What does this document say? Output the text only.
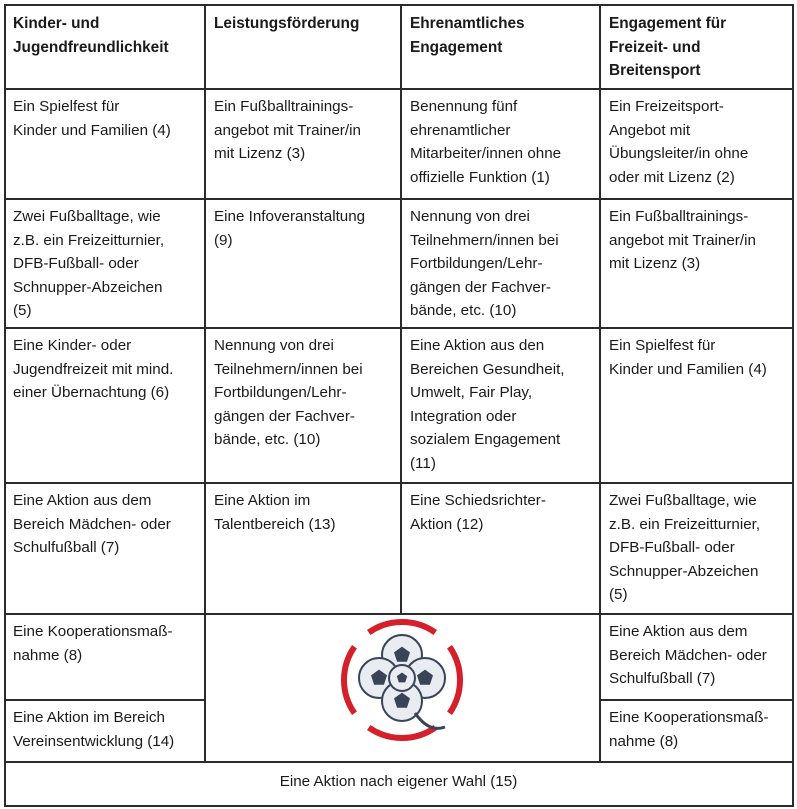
Kinder- und
Jugendfreundlichkeit
Leistungsförderung	Ehrenamtliches
Engagement
Engagement für
Freizeit- und
Breitensport
Ein Spielfest für
Kinder und Familien (4)
Ein Fußballtrainings-
angebot mit Trainer/in
mit Lizenz (3)
Benennung fünf
ehrenamtlicher
Mitarbeiter/innen ohne
offizielle Funktion (1)
Ein Freizeitsport-
Angebot mit
Übungsleiter/in ohne
oder mit Lizenz (2)
Zwei Fußballtage, wie
z.B. ein Freizeitturnier,
DFB-Fußball- oder
Schnupper-Abzeichen
(5)
Eine Infoveranstaltung
(9)
Nennung von drei
Teilnehmern/innen bei
Fortbildungen/Lehr-
gängen der Fachver-
bände, etc. (10)
Ein Fußballtrainings-
angebot mit Trainer/in
mit Lizenz (3)
Eine Kinder- oder
Jugendfreizeit mit mind.
einer Übernachtung (6)
Nennung von drei
Teilnehmern/innen bei
Fortbildungen/Lehr-
gängen der Fachver-
bände, etc. (10)
Eine Aktion aus den
Bereichen Gesundheit,
Umwelt, Fair Play,
Integration oder
sozialem Engagement
(11)
Ein Spielfest für
Kinder und Familien (4)
Eine Aktion aus dem
Bereich Mädchen- oder
Schulfußball (7)
Eine Aktion im
Talentbereich (13)
Eine Schiedsrichter-
Aktion (12)
Zwei Fußballtage, wie
z.B. ein Freizeitturnier,
DFB-Fußball- oder
Schnupper-Abzeichen
(5)
Eine Kooperationsmaß-
nahme (8)
Eine Aktion im Bereich
Vereinsentwicklung (14)
Eine Aktion aus dem
Bereich Mädchen- oder
Schulfußball (7)
Eine Kooperationsmaß-
nahme (8)
Eine Aktion nach eigener Wahl (15)
